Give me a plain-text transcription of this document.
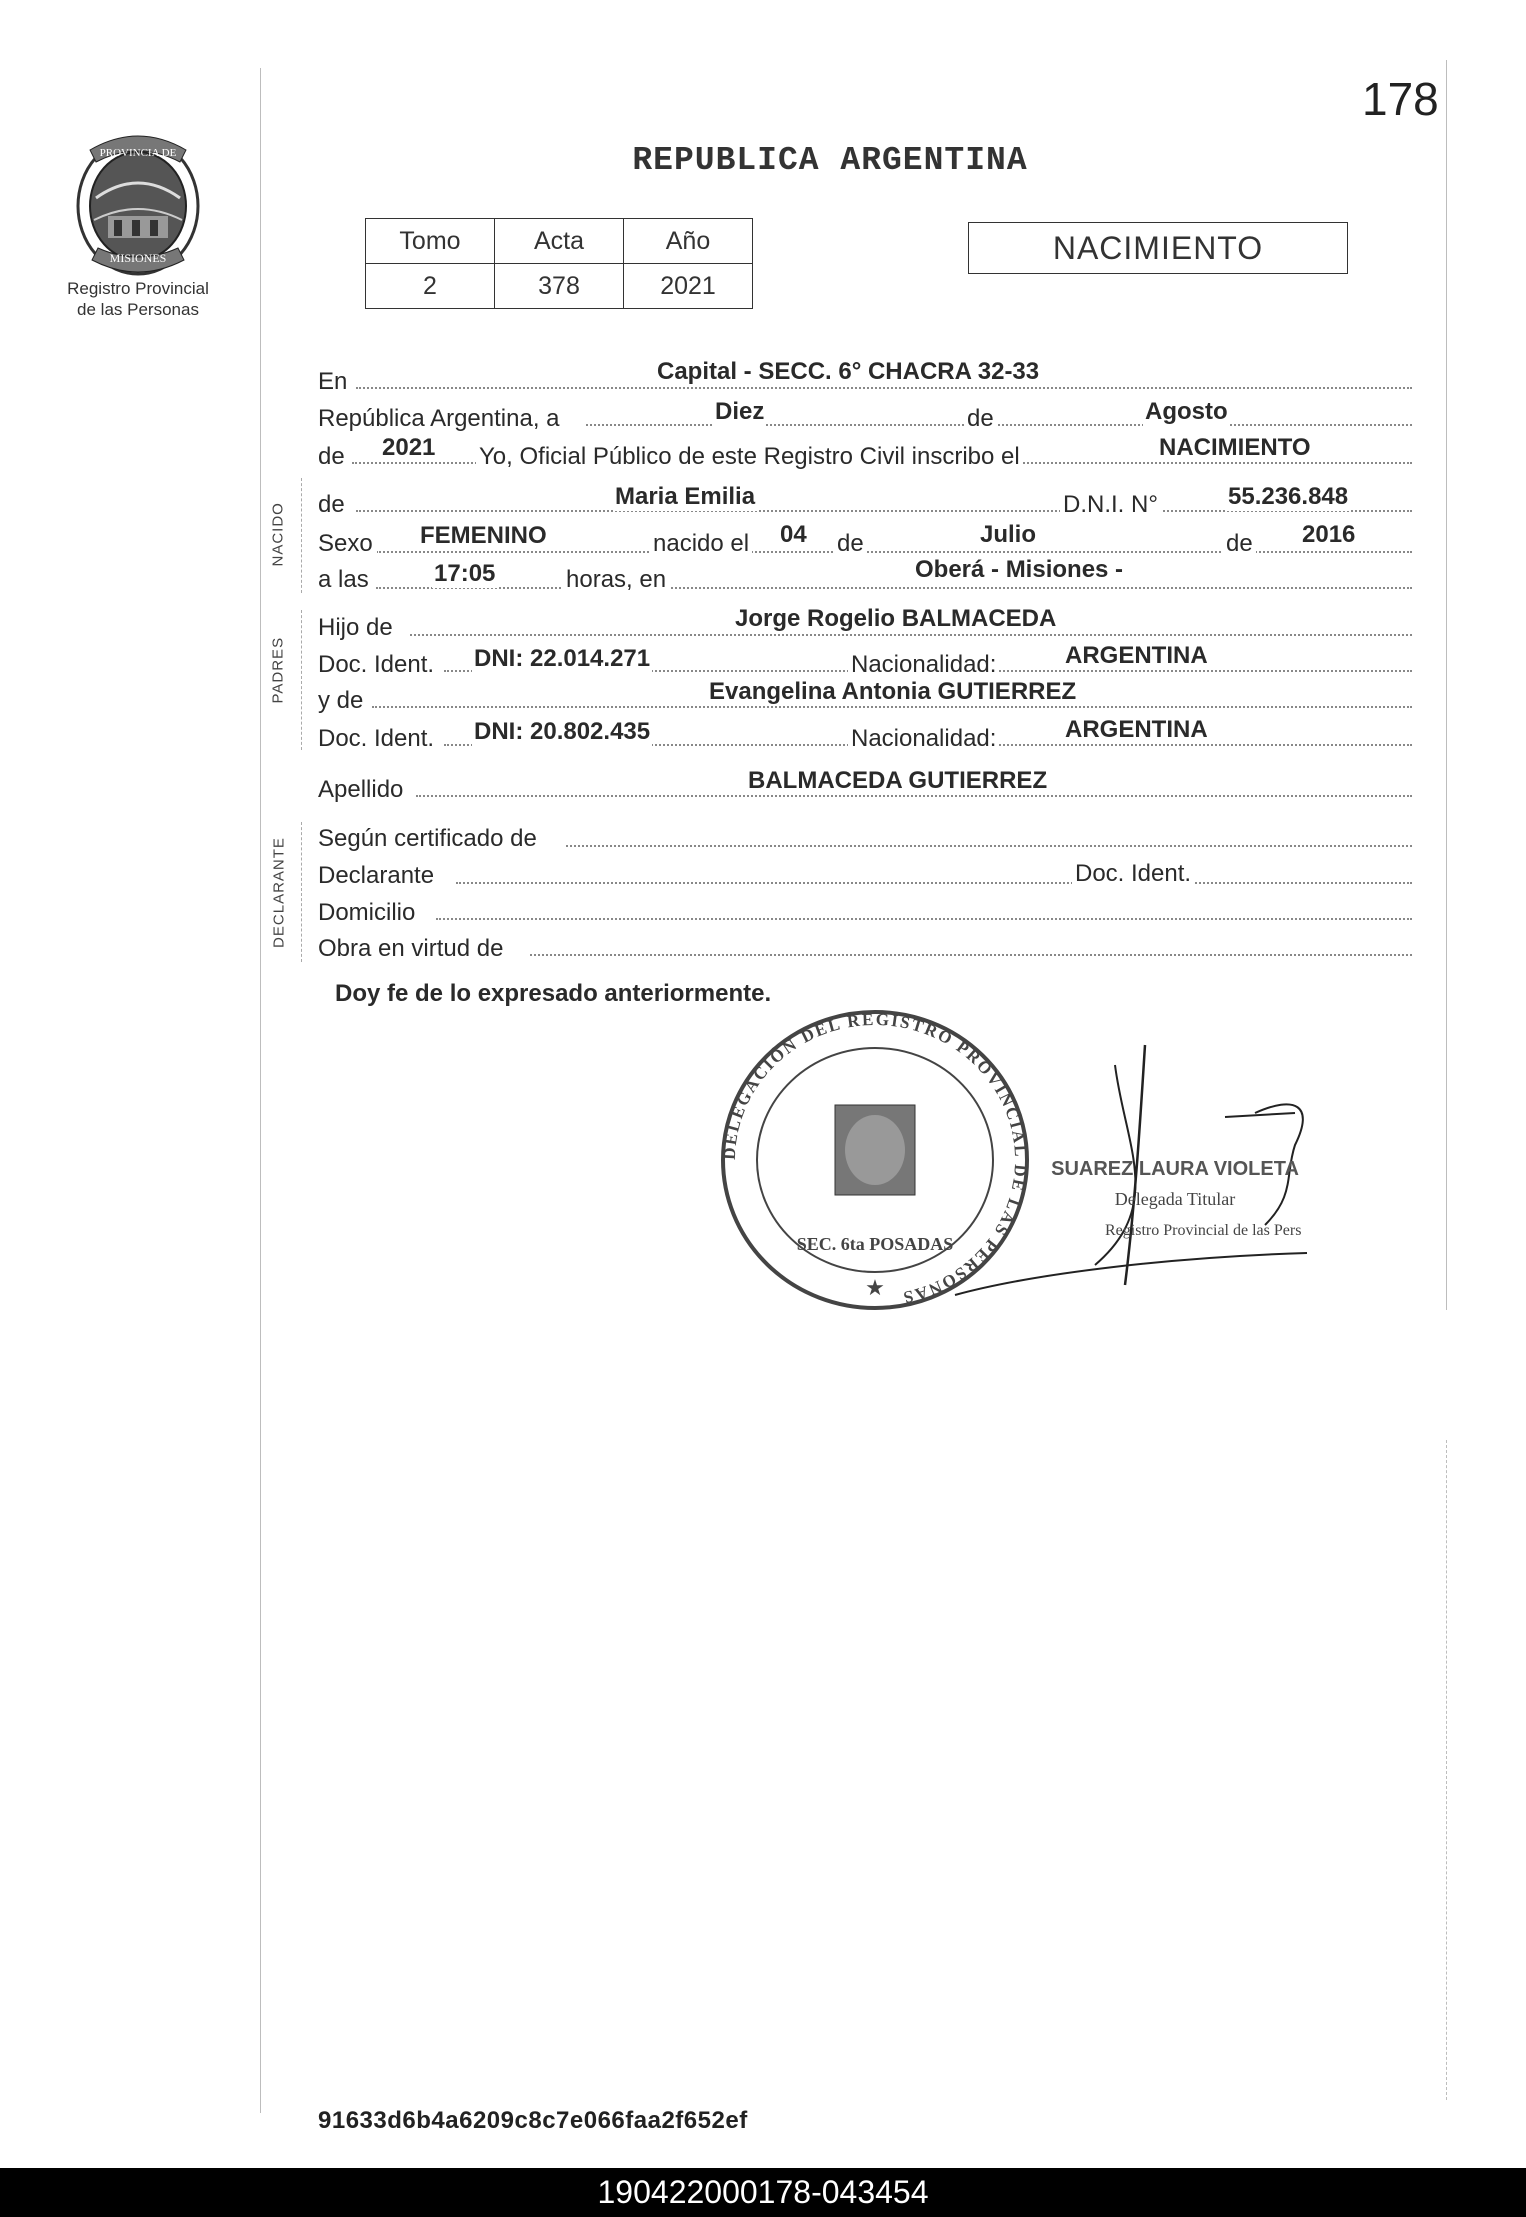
178
PROVINCIA DE
MISIONES
Registro Provincial
de las Personas
REPUBLICA ARGENTINA
Tomo	Acta	Año
2	378	2021
NACIMIENTO
En	Capital - SECC. 6° CHACRA 32-33
República Argentina, a	Diez	de	Agosto
de 2021 Yo, Oficial Público de este Registro Civil inscribo el	NACIMIENTO
NACIDO de	Maria Emilia	D.N.I. N°	55.236.848
Sexo FEMENINO	nacido el 04 de	Julio	de 2016
a las	17:05	horas, en	Oberá - Misiones -
PADRES
Hijo de	Jorge Rogelio BALMACEDA
Doc. Ident. DNI: 22.014.271	Nacionalidad:	ARGENTINA
y de	Evangelina Antonia GUTIERREZ
Doc. Ident. DNI: 20.802.435	Nacionalidad:	ARGENTINA
Apellido	BALMACEDA GUTIERREZ
DECLARANTE Según certificado de
Declarante	Doc. Ident.
Domicilio
Obra en virtud de
Doy fe de lo expresado anteriormente.
DELEGACIÓN DEL REGISTRO PROVINCIAL DE LAS PERSONAS
SEC. 6ta POSADAS
★
SUAREZ LAURA VIOLETA
Delegada Titular
Registro Provincial de las Pers
91633d6b4a6209c8c7e066faa2f652ef
190422000178-043454
